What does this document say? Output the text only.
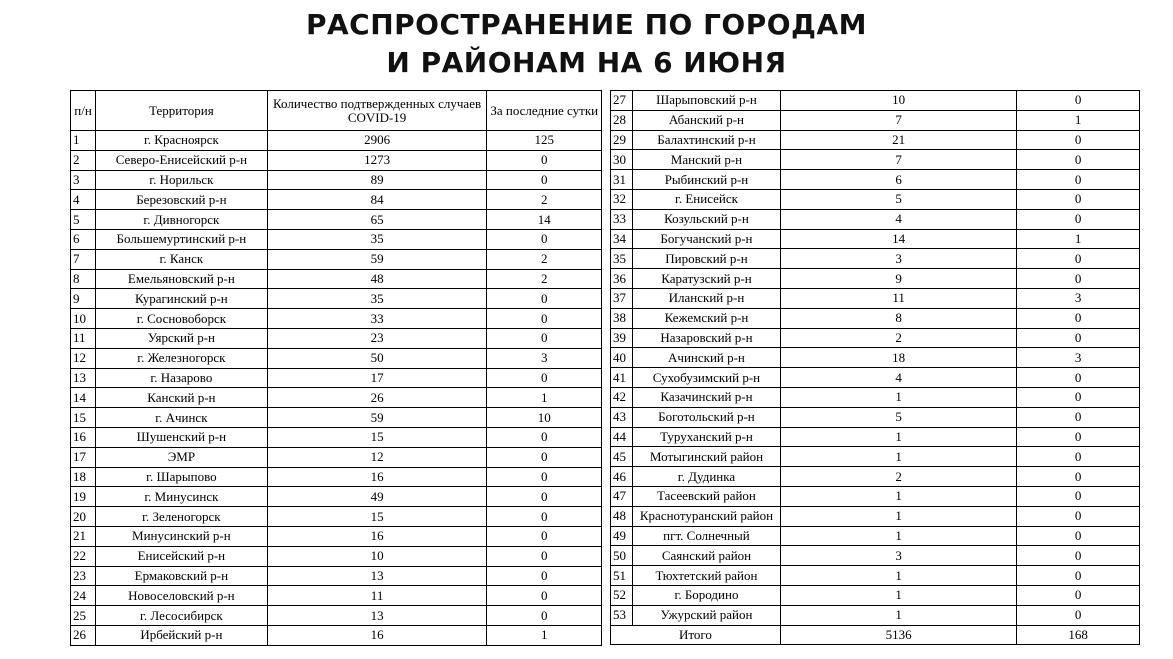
РАСПРОСТРАНЕНИЕ ПО ГОРОДАМ
И РАЙОНАМ НА 6 ИЮНЯ
п/н	Территория	Количество подтвержденных случаев COVID-19	За последние сутки
1	г. Красноярск	2906	125
2	Северо-Енисейский р-н	1273	0
3	г. Норильск	89	0
4	Березовский р-н	84	2
5	г. Дивногорск	65	14
6	Большемуртинский р-н	35	0
7	г. Канск	59	2
8	Емельяновский р-н	48	2
9	Курагинский р-н	35	0
10	г. Сосновоборск	33	0
11	Уярский р-н	23	0
12	г. Железногорск	50	3
13	г. Назарово	17	0
14	Канский р-н	26	1
15	г. Ачинск	59	10
16	Шушенский р-н	15	0
17	ЭМР	12	0
18	г. Шарыпово	16	0
19	г. Минусинск	49	0
20	г. Зеленогорск	15	0
21	Минусинский р-н	16	0
22	Енисейский р-н	10	0
23	Ермаковский р-н	13	0
24	Новоселовский р-н	11	0
25	г. Лесосибирск	13	0
26	Ирбейский р-н	16	1
27	Шарыповский р-н	10	0
28	Абанский р-н	7	1
29	Балахтинский р-н	21	0
30	Манский р-н	7	0
31	Рыбинский р-н	6	0
32	г. Енисейск	5	0
33	Козульский р-н	4	0
34	Богучанский р-н	14	1
35	Пировский р-н	3	0
36	Каратузский р-н	9	0
37	Иланский р-н	11	3
38	Кежемский р-н	8	0
39	Назаровский р-н	2	0
40	Ачинский р-н	18	3
41	Сухобузимский р-н	4	0
42	Казачинский р-н	1	0
43	Боготольский р-н	5	0
44	Туруханский р-н	1	0
45	Мотыгинский район	1	0
46	г. Дудинка	2	0
47	Тасеевский район	1	0
48	Краснотуранский район	1	0
49	пгт. Солнечный	1	0
50	Саянский район	3	0
51	Тюхтетский район	1	0
52	г. Бородино	1	0
53	Ужурский район	1	0
Итого		5136	168
